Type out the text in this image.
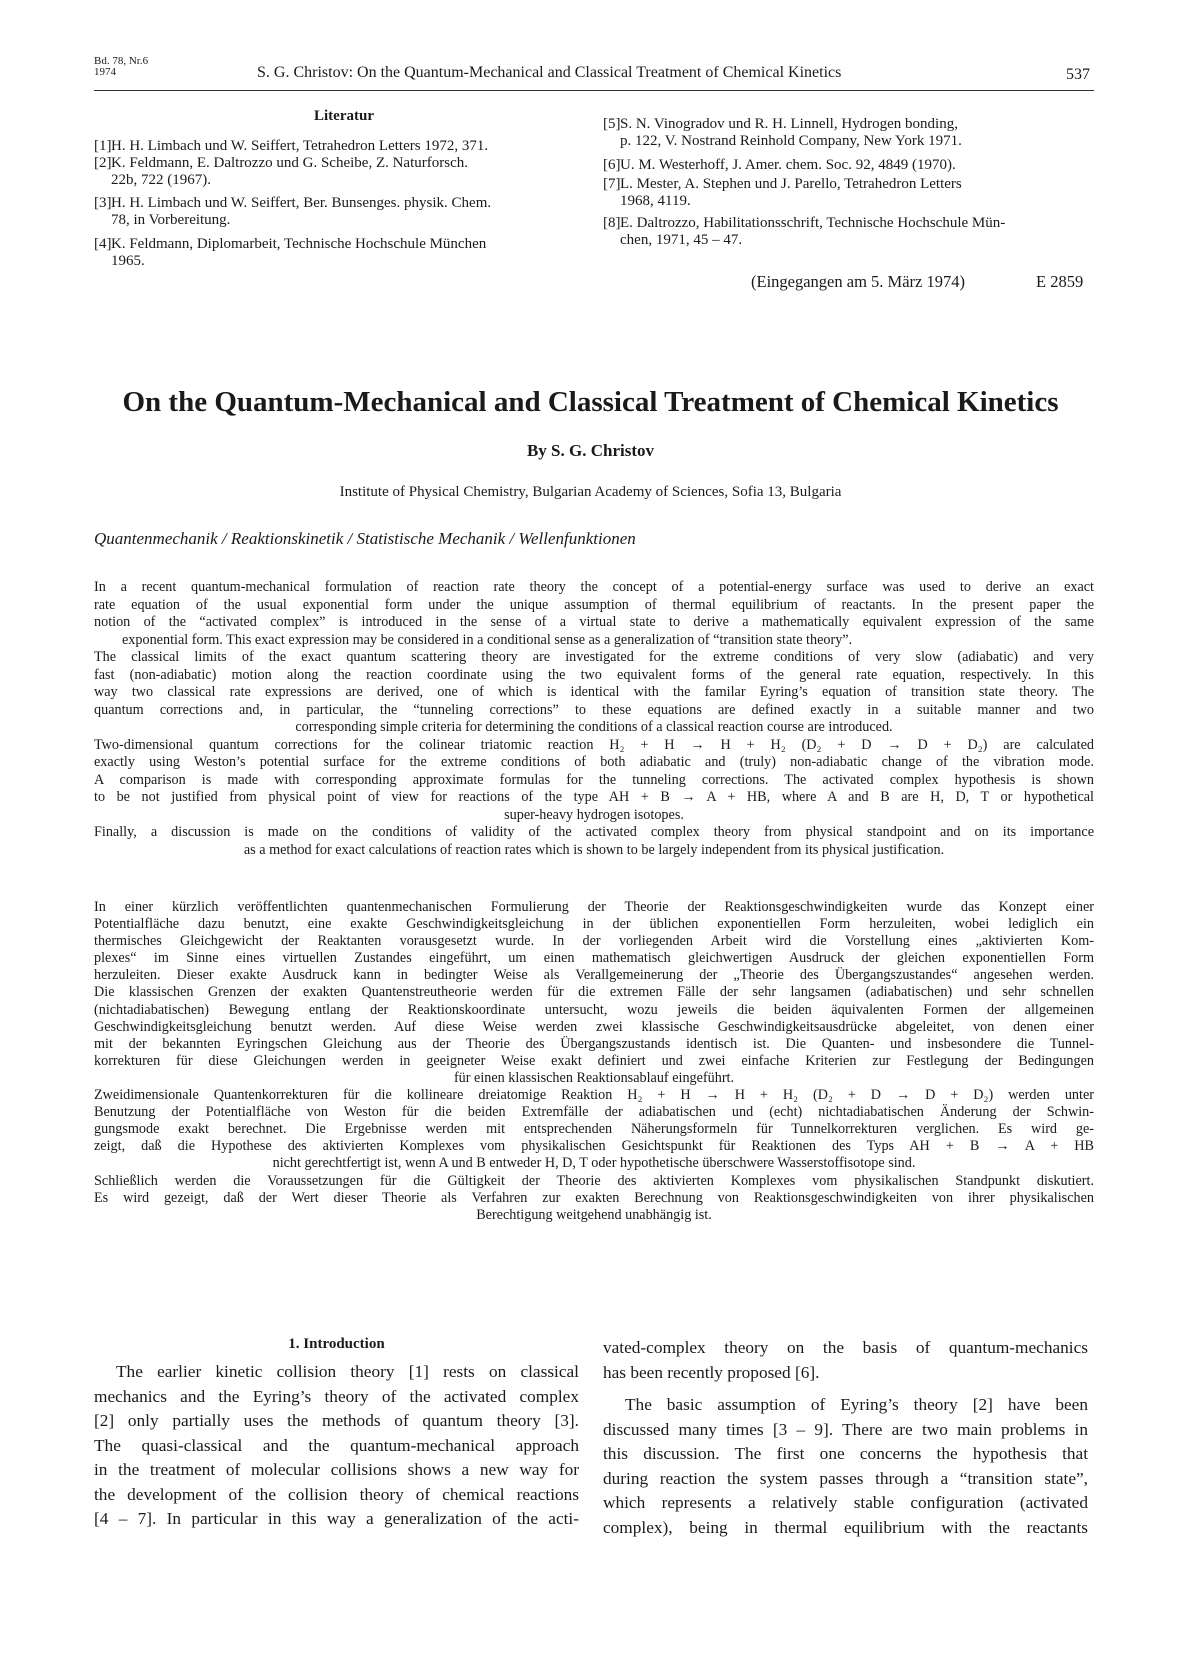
Bd. 78, Nr.6
1974	S. G. Christov: On the Quantum-Mechanical and Classical Treatment of Chemical Kinetics	537
Literatur
[1] H. H. Limbach und W. Seiffert, Tetrahedron Letters 1972, 371.
[2] K. Feldmann, E. Daltrozzo und G. Scheibe, Z. Naturforsch.
22b, 722 (1967).
[3] H. H. Limbach und W. Seiffert, Ber. Bunsenges. physik. Chem.
78, in Vorbereitung.
[4] K. Feldmann, Diplomarbeit, Technische Hochschule München
1965.
[5] S. N. Vinogradov und R. H. Linnell, Hydrogen bonding,
p. 122, V. Nostrand Reinhold Company, New York 1971.
[6] U. M. Westerhoff, J. Amer. chem. Soc. 92, 4849 (1970).
[7] L. Mester, A. Stephen und J. Parello, Tetrahedron Letters
1968, 4119.
[8] E. Daltrozzo, Habilitationsschrift, Technische Hochschule Mün-
chen, 1971, 45 – 47.
(Eingegangen am 5. März 1974)	E 2859
On the Quantum-Mechanical and Classical Treatment of Chemical Kinetics
By S. G. Christov
Institute of Physical Chemistry, Bulgarian Academy of Sciences, Sofia 13, Bulgaria
Quantenmechanik / Reaktionskinetik / Statistische Mechanik / Wellenfunktionen

In a recent quantum-mechanical formulation of reaction rate theory the concept of a potential-energy surface was used to derive an exact

rate equation of the usual exponential form under the unique assumption of thermal equilibrium of reactants. In the present paper the

notion of the “activated complex” is introduced in the sense of a virtual state to derive a mathematically equivalent expression of the same

exponential form. This exact expression may be considered in a conditional sense as a generalization of “transition state theory”.

The classical limits of the exact quantum scattering theory are investigated for the extreme conditions of very slow (adiabatic) and very

fast (non-adiabatic) motion along the reaction coordinate using the two equivalent forms of the general rate equation, respectively. In this

way two classical rate expressions are derived, one of which is identical with the familar Eyring’s equation of transition state theory. The

quantum corrections and, in particular, the “tunneling corrections” to these equations are defined exactly in a suitable manner and two

corresponding simple criteria for determining the conditions of a classical reaction course are introduced.

Two-dimensional quantum corrections for the colinear triatomic reaction H₂ + H → H + H₂ (D₂ + D → D + D₂) are calculated

exactly using Weston’s potential surface for the extreme conditions of both adiabatic and (truly) non-adiabatic change of the vibration mode.

A comparison is made with corresponding approximate formulas for the tunneling corrections. The activated complex hypothesis is shown

to be not justified from physical point of view for reactions of the type AH + B → A + HB, where A and B are H, D, T or hypothetical

super-heavy hydrogen isotopes.

Finally, a discussion is made on the conditions of validity of the activated complex theory from physical standpoint and on its importance

as a method for exact calculations of reaction rates which is shown to be largely independent from its physical justification.

In einer kürzlich veröffentlichten quantenmechanischen Formulierung der Theorie der Reaktionsgeschwindigkeiten wurde das Konzept einer

Potentialfläche dazu benutzt, eine exakte Geschwindigkeitsgleichung in der üblichen exponentiellen Form herzuleiten, wobei lediglich ein

thermisches Gleichgewicht der Reaktanten vorausgesetzt wurde. In der vorliegenden Arbeit wird die Vorstellung eines „aktivierten Kom-

plexes“ im Sinne eines virtuellen Zustandes eingeführt, um einen mathematisch gleichwertigen Ausdruck der gleichen exponentiellen Form

herzuleiten. Dieser exakte Ausdruck kann in bedingter Weise als Verallgemeinerung der „Theorie des Übergangszustandes“ angesehen werden.

Die klassischen Grenzen der exakten Quantenstreutheorie werden für die extremen Fälle der sehr langsamen (adiabatischen) und sehr schnellen

(nichtadiabatischen) Bewegung entlang der Reaktionskoordinate untersucht, wozu jeweils die beiden äquivalenten Formen der allgemeinen

Geschwindigkeitsgleichung benutzt werden. Auf diese Weise werden zwei klassische Geschwindigkeitsausdrücke abgeleitet, von denen einer

mit der bekannten Eyringschen Gleichung aus der Theorie des Übergangszustands identisch ist. Die Quanten- und insbesondere die Tunnel-

korrekturen für diese Gleichungen werden in geeigneter Weise exakt definiert und zwei einfache Kriterien zur Festlegung der Bedingungen

für einen klassischen Reaktionsablauf eingeführt.

Zweidimensionale Quantenkorrekturen für die kollineare dreiatomige Reaktion H₂ + H → H + H₂ (D₂ + D → D + D₂) werden unter

Benutzung der Potentialfläche von Weston für die beiden Extremfälle der adiabatischen und (echt) nichtadiabatischen Änderung der Schwin-

gungsmode exakt berechnet. Die Ergebnisse werden mit entsprechenden Näherungsformeln für Tunnelkorrekturen verglichen. Es wird ge-

zeigt, daß die Hypothese des aktivierten Komplexes vom physikalischen Gesichtspunkt für Reaktionen des Typs AH + B → A + HB

nicht gerechtfertigt ist, wenn A und B entweder H, D, T oder hypothetische überschwere Wasserstoffisotope sind.

Schließlich werden die Voraussetzungen für die Gültigkeit der Theorie des aktivierten Komplexes vom physikalischen Standpunkt diskutiert.

Es wird gezeigt, daß der Wert dieser Theorie als Verfahren zur exakten Berechnung von Reaktionsgeschwindigkeiten von ihrer physikalischen

Berechtigung weitgehend unabhängig ist.

1. Introduction

The earlier kinetic collision theory [1] rests on classical

mechanics and the Eyring’s theory of the activated complex

[2] only partially uses the methods of quantum theory [3].

The quasi-classical and the quantum-mechanical approach

in the treatment of molecular collisions shows a new way for

the development of the collision theory of chemical reactions

[4 – 7]. In particular in this way a generalization of the acti-

vated-complex theory on the basis of quantum-mechanics

has been recently proposed [6].

The basic assumption of Eyring’s theory [2] have been

discussed many times [3 – 9]. There are two main problems in

this discussion. The first one concerns the hypothesis that

during reaction the system passes through a “transition state”,

which represents a relatively stable configuration (activated

complex), being in thermal equilibrium with the reactants
